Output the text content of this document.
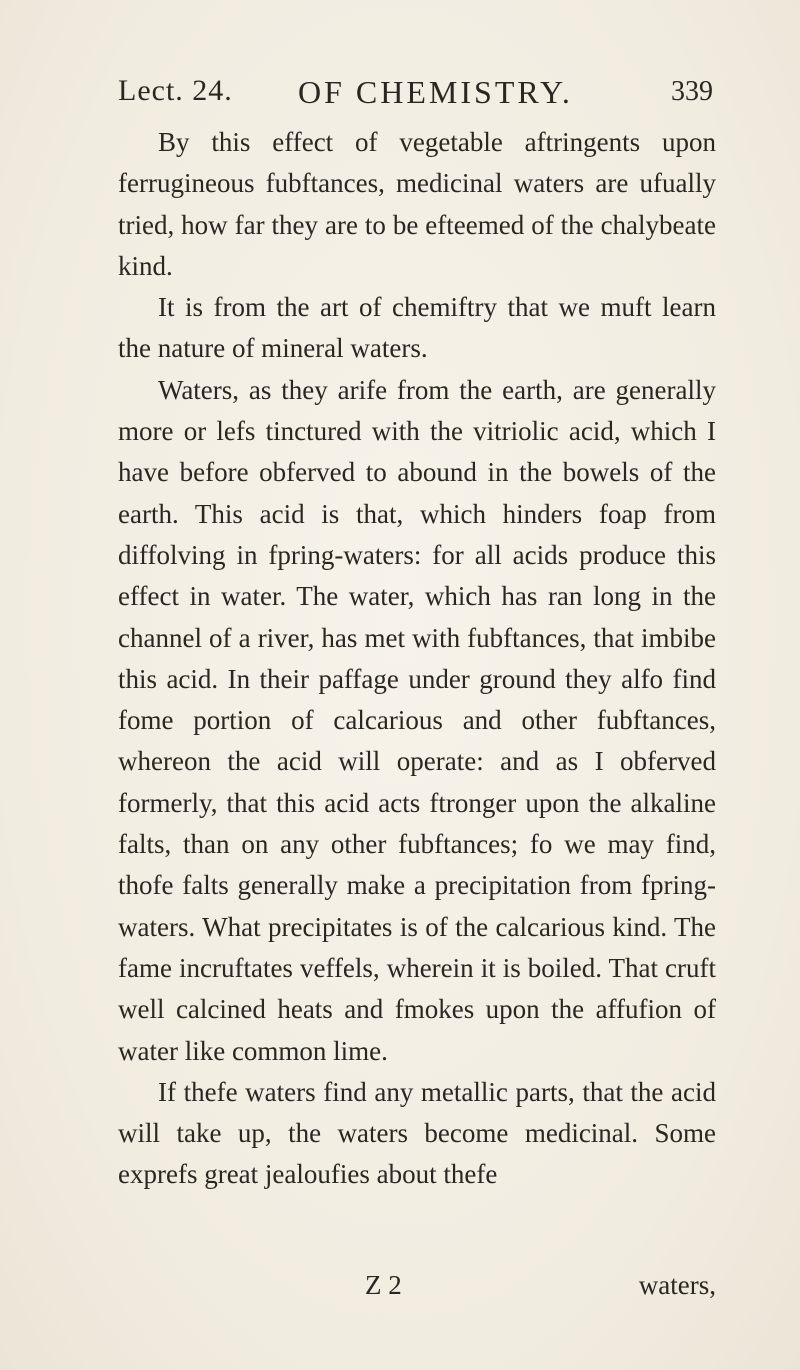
Lect. 24. OF CHEMISTRY.	339

By this effect of vegetable aftringents upon ferrugineous fubftances, medicinal waters are ufually tried, how far they are to be efteemed of the chalybeate kind.

It is from the art of chemiftry that we muft learn the nature of mineral waters.

Waters, as they arife from the earth, are generally more or lefs tinctured with the vitriolic acid, which I have before obferved to abound in the bowels of the earth. This acid is that, which hinders foap from diffolving in fpring-waters: for all acids produce this effect in water. The water, which has ran long in the channel of a river, has met with fubftances, that imbibe this acid. In their paffage under ground they alfo find fome portion of calcarious and other fubftances, whereon the acid will operate: and as I obferved formerly, that this acid acts ftronger upon the alkaline falts, than on any other fubftances; fo we may find, thofe falts generally make a precipitation from fpring-waters. What precipitates is of the calcarious kind. The fame incruftates veffels, wherein it is boiled. That cruft well calcined heats and fmokes upon the affufion of water like common lime.

If thefe waters find any metallic parts, that the acid will take up, the waters become medicinal. Some exprefs great jealoufies about thefe

Z 2	waters,
